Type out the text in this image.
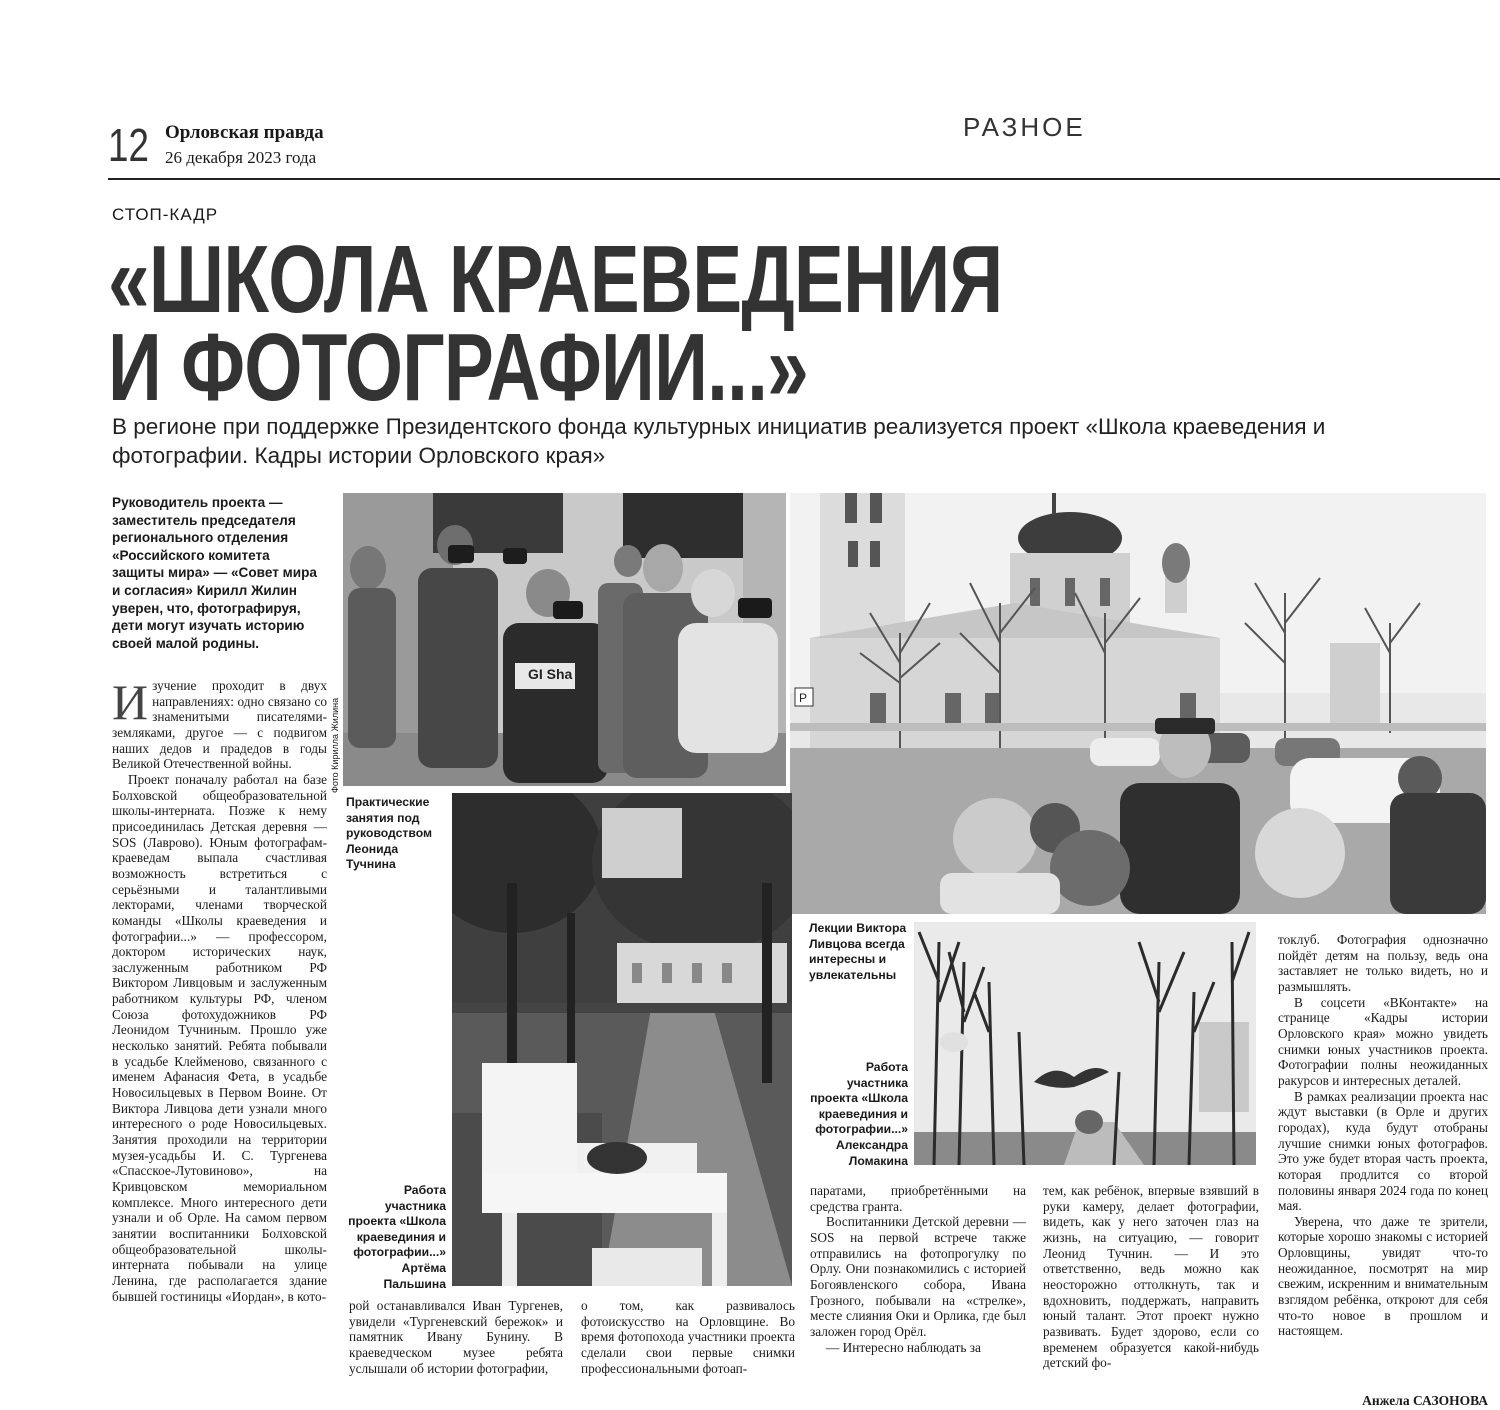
12 Орловская правда
26 декабря 2023 года
РАЗНОЕ
СТОП-КАДР
«ШКОЛА КРАЕВЕДЕНИЯ
И ФОТОГРАФИИ...»
В регионе при поддержке Президентского фонда культурных инициатив реализуется проект «Школа краеведения и фотографии. Кадры истории Орловского края»
Руководитель проекта — заместитель председателя регионального отделения «Российского комитета защиты мира» — «Совет мира и согласия» Кирилл Жилин уверен, что, фотографируя, дети могут изучать историю своей малой родины.
Фото Кирилла Жилина

Изучение проходит в двух направлениях: одно связано со знаменитыми писателями-земляками, другое — с подвигом наших дедов и прадедов в годы Великой Отечественной войны.

Проект поначалу работал на базе Болховской общеобразовательной школы-интерната. Позже к нему присоединилась Детская деревня — SOS (Лаврово). Юным фотографам-краеведам выпала счастливая возможность встретиться с серьёзными и талантливыми лекторами, членами творческой команды «Школы краеведения и фотографии...» — профессором, доктором исторических наук, заслуженным работником РФ Виктором Ливцовым и заслуженным работником культуры РФ, членом Союза фотохудожников РФ Леонидом Тучниным. Прошло уже несколько занятий. Ребята побывали в усадьбе Клейменово, связанного с именем Афанасия Фета, в усадьбе Новосильцевых в Первом Воине. От Виктора Ливцова дети узнали много интересного о роде Новосильцевых. Занятия проходили на территории музея-усадьбы И. С. Тургенева «Спасское-Лутовиново», на Кривцовском мемориальном комплексе. Много интересного дети узнали и об Орле. На самом первом занятии воспитанники Болховской общеобразовательной школы-интерната побывали на улице Ленина, где располагается здание бывшей гостиницы «Иордан», в кото-

рой останавливался Иван Тургенев, увидели «Тургеневский бережок» и памятник Ивану Бунину. В краеведческом музее ребята услышали об истории фотографии,

о том, как развивалось фотоискусство на Орловщине. Во время фотопохода участники проекта сделали свои первые снимки профессиональными фотоап-

паратами, приобретёнными на средства гранта.

Воспитанники Детской деревни — SOS на первой встрече также отправились на фотопрогулку по Орлу. Они познакомились с историей Богоявленского собора, Ивана Грозного, побывали на «стрелке», месте слияния Оки и Орлика, где был заложен город Орёл.

— Интересно наблюдать за

тем, как ребёнок, впервые взявший в руки камеру, делает фотографии, видеть, как у него заточен глаз на жизнь, на ситуацию, — говорит Леонид Тучнин. — И это ответственно, ведь можно как неосторожно оттолкнуть, так и вдохновить, поддержать, направить юный талант. Этот проект нужно развивать. Будет здорово, если со временем образуется какой-нибудь детский фо-

токлуб. Фотография однозначно пойдёт детям на пользу, ведь она заставляет не только видеть, но и размышлять.

В соцсети «ВКонтакте» на странице «Кадры истории Орловского края» можно увидеть снимки юных участников проекта. Фотографии полны неожиданных ракурсов и интересных деталей.

В рамках реализации проекта нас ждут выставки (в Орле и других городах), куда будут отобраны лучшие снимки юных фотографов. Это уже будет вторая часть проекта, которая продлится со второй половины января 2024 года по конец мая.

Уверена, что даже те зрители, которые хорошо знакомы с историей Орловщины, увидят что-то неожиданное, посмотрят на мир свежим, искренним и внимательным взглядом ребёнка, откроют для себя что-то новое в прошлом и настоящем.

Анжела САЗОНОВА
Практические занятия под руководством Леонида Тучнина
Лекции Виктора Ливцова всегда интересны и увлекательны
Работа участника проекта «Школа краевединия и фотографии...» Артёма Пальшина
Работа участника проекта «Школа краевединия и фотографии...» Александра Ломакина
GI Sha
P
